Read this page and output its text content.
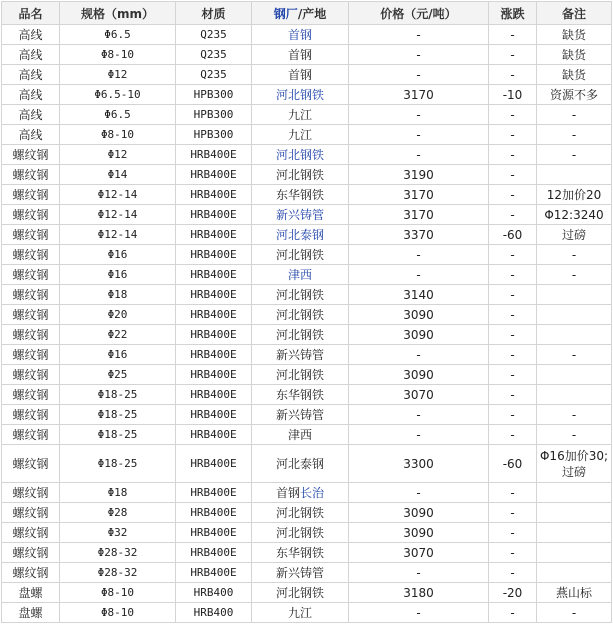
品名	规格（mm）	材质	钢厂/产地	价格（元/吨）	涨跌	备注
高线	Φ6.5	Q235	首钢	-	-	缺货
高线	Φ8-10	Q235	首钢	-	-	缺货
高线	Φ12	Q235	首钢	-	-	缺货
高线	Φ6.5-10	HPB300	河北钢铁	3170	-10	资源不多
高线	Φ6.5	HPB300	九江	-	-	-
高线	Φ8-10	HPB300	九江	-	-	-
螺纹钢	Φ12	HRB400E	河北钢铁	-	-	-
螺纹钢	Φ14	HRB400E	河北钢铁	3190	-	
螺纹钢	Φ12-14	HRB400E	东华钢铁	3170	-	12加价20
螺纹钢	Φ12-14	HRB400E	新兴铸管	3170	-	Φ12:3240
螺纹钢	Φ12-14	HRB400E	河北泰钢	3370	-60	过磅
螺纹钢	Φ16	HRB400E	河北钢铁	-	-	-
螺纹钢	Φ16	HRB400E	津西	-	-	-
螺纹钢	Φ18	HRB400E	河北钢铁	3140	-	
螺纹钢	Φ20	HRB400E	河北钢铁	3090	-	
螺纹钢	Φ22	HRB400E	河北钢铁	3090	-	
螺纹钢	Φ16	HRB400E	新兴铸管	-	-	-
螺纹钢	Φ25	HRB400E	河北钢铁	3090	-	
螺纹钢	Φ18-25	HRB400E	东华钢铁	3070	-	
螺纹钢	Φ18-25	HRB400E	新兴铸管	-	-	-
螺纹钢	Φ18-25	HRB400E	津西	-	-	-
螺纹钢	Φ18-25	HRB400E	河北泰钢	3300	-60	Φ16加价30;过磅
螺纹钢	Φ18	HRB400E	首钢长治	-	-	
螺纹钢	Φ28	HRB400E	河北钢铁	3090	-	
螺纹钢	Φ32	HRB400E	河北钢铁	3090	-	
螺纹钢	Φ28-32	HRB400E	东华钢铁	3070	-	
螺纹钢	Φ28-32	HRB400E	新兴铸管	-	-	
盘螺	Φ8-10	HRB400	河北钢铁	3180	-20	燕山标
盘螺	Φ8-10	HRB400	九江	-	-	-
